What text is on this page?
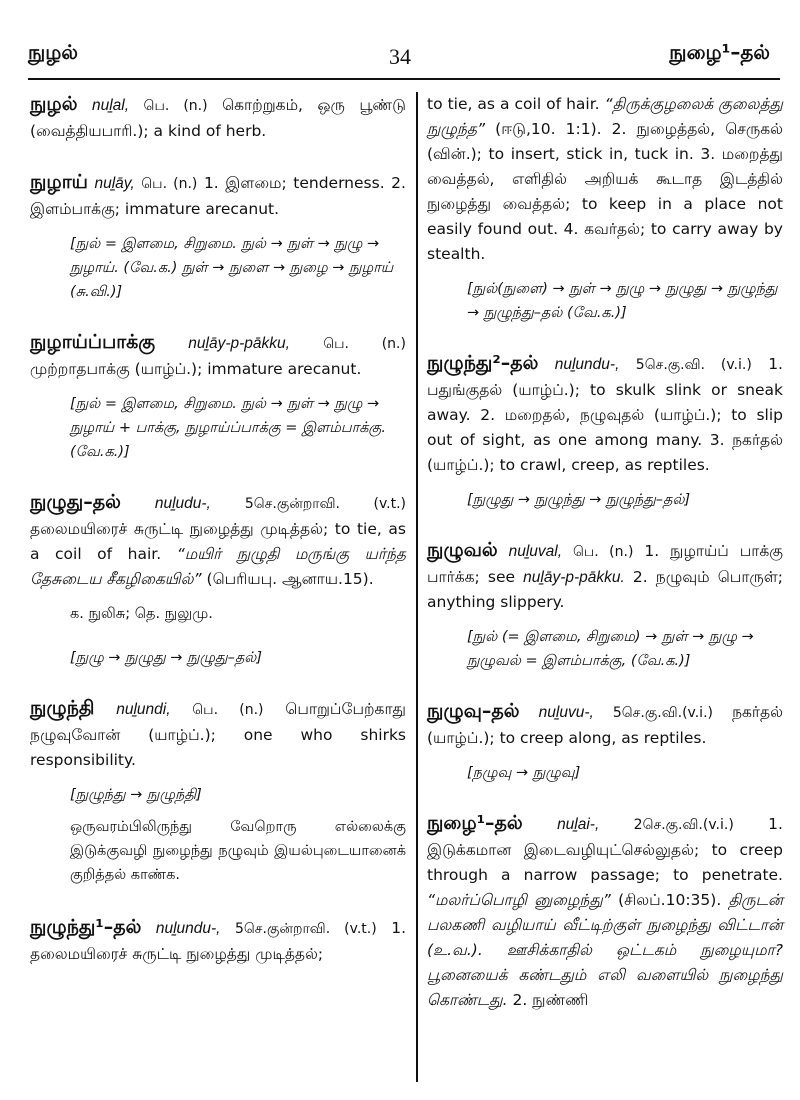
நுழல்	34	நுழை¹–தல்
நுழல் nuḻal, பெ. (n.) கொற்றுகம், ஒரு பூண்டு (வைத்தியபாரி.); a kind of herb.
நுழாய் nuḻāy, பெ. (n.) 1. இளமை; tenderness. 2. இளம்பாக்கு; immature arecanut.
[நுல் = இளமை, சிறுமை. நுல் → நுள் → நுழு → நுழாய். (வே.க.) நுள் → நுளை → நுழை → நுழாய் (சு.வி.)]
நுழாய்ப்பாக்கு nuḻāy-p-pākku, பெ. (n.) முற்றாதபாக்கு (யாழ்ப்.); immature arecanut.
[நுல் = இளமை, சிறுமை. நுல் → நுள் → நுழு → நுழாய் + பாக்கு, நுழாய்ப்பாக்கு = இளம்பாக்கு. (வே.க.)]
நுழுது–தல் nuḻudu-, 5செ.குன்றாவி. (v.t.) தலைமயிரைச் சுருட்டி நுழைத்து முடித்தல்; to tie, as a coil of hair. “மயிர் நுழுதி மருங்கு யர்ந்த தேசுடைய சீகழிகையில்” (பெரியபு. ஆனாய.15).
க. நுலிசு; தெ. நுலுமு.
[நுழு → நுழுது → நுழுது–தல்]
நுழுந்தி nuḻundi, பெ. (n.) பொறுப்பேற்காது நழுவுவோன் (யாழ்ப்.); one who shirks responsibility.
[நுழுந்து → நுழுந்தி]
ஒருவரம்பிலிருந்து வேறொரு எல்லைக்கு இடுக்குவழி நுழைந்து நழுவும் இயல்புடையானைக் குறித்தல் காண்க.
நுழுந்து¹–தல் nuḻundu-, 5செ.குன்றாவி. (v.t.) 1. தலைமயிரைச் சுருட்டி நுழைத்து முடித்தல்;
to tie, as a coil of hair. “திருக்குழலைக் குலைத்து நுழுந்த” (ஈடு,10. 1:1). 2. நுழைத்தல், செருகல் (வின்.); to insert, stick in, tuck in. 3. மறைத்து வைத்தல், எளிதில் அறியக் கூடாத இடத்தில் நுழைத்து வைத்தல்; to keep in a place not easily found out. 4. கவர்தல்; to carry away by stealth.
[நுல்(நுளை) → நுள் → நுழு → நுழுது → நுழுந்து → நுழுந்து–தல் (வே.க.)]
நுழுந்து²–தல் nuḻundu-, 5செ.கு.வி. (v.i.) 1. பதுங்குதல் (யாழ்ப்.); to skulk slink or sneak away. 2. மறைதல், நழுவுதல் (யாழ்ப்.); to slip out of sight, as one among many. 3. நகர்தல் (யாழ்ப்.); to crawl, creep, as reptiles.
[நுழுது → நுழுந்து → நுழுந்து–தல்]
நுழுவல் nuḻuval, பெ. (n.) 1. நுழாய்ப் பாக்கு பார்க்க; see nuḻāy-p-pākku. 2. நழுவும் பொருள்; anything slippery.
[நுல் (= இளமை, சிறுமை) → நுள் → நுழு → நுழுவல் = இளம்பாக்கு, (வே.க.)]
நுழுவு–தல் nuḻuvu-, 5செ.கு.வி.(v.i.) நகர்தல் (யாழ்ப்.); to creep along, as reptiles.
[நழுவு → நுழுவு]
நுழை¹–தல் nuḻai-, 2செ.கு.வி.(v.i.) 1. இடுக்கமான இடைவழியுட்செல்லுதல்; to creep through a narrow passage; to penetrate. “மலர்ப்பொழி னுழைந்து” (சிலப்.10:35). திருடன் பலகணி வழியாய் வீட்டிற்குள் நுழைந்து விட்டான் (உ.வ.). ஊசிக்காதில் ஒட்டகம் நுழையுமா? பூனையைக் கண்டதும் எலி வளையில் நுழைந்து கொண்டது. 2. நுண்ணி
